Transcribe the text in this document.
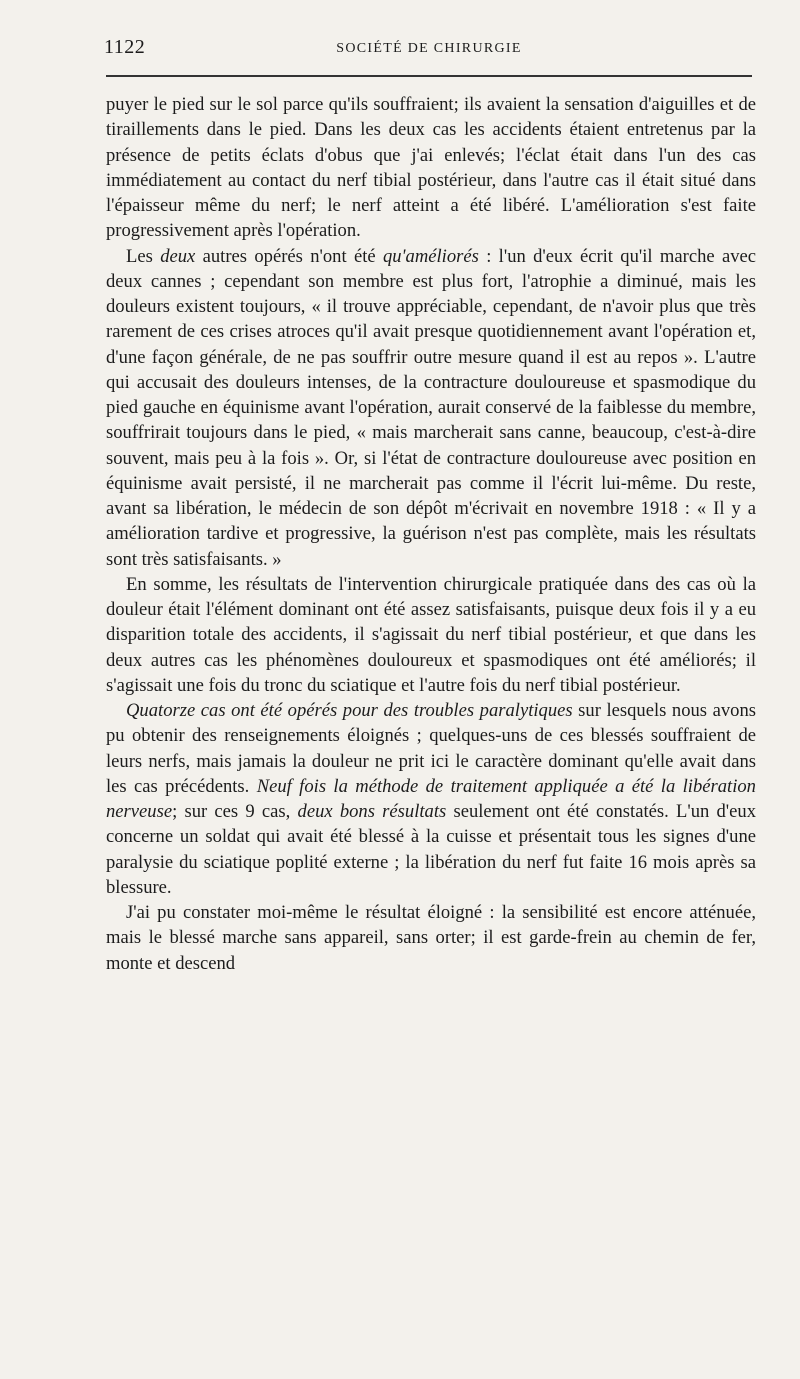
1122	SOCIÉTÉ DE CHIRURGIE

puyer le pied sur le sol parce qu'ils souffraient; ils avaient la sensation d'aiguilles et de tiraillements dans le pied. Dans les deux cas les accidents étaient entretenus par la présence de petits éclats d'obus que j'ai enlevés; l'éclat était dans l'un des cas immédiatement au contact du nerf tibial postérieur, dans l'autre cas il était situé dans l'épaisseur même du nerf; le nerf atteint a été libéré. L'amélioration s'est faite progressivement après l'opération.

Les deux autres opérés n'ont été qu'améliorés : l'un d'eux écrit qu'il marche avec deux cannes ; cependant son membre est plus fort, l'atrophie a diminué, mais les douleurs existent toujours, « il trouve appréciable, cependant, de n'avoir plus que très rarement de ces crises atroces qu'il avait presque quotidiennement avant l'opération et, d'une façon générale, de ne pas souffrir outre mesure quand il est au repos ». L'autre qui accusait des douleurs intenses, de la contracture douloureuse et spasmodique du pied gauche en équinisme avant l'opération, aurait conservé de la faiblesse du membre, souffrirait toujours dans le pied, « mais marcherait sans canne, beaucoup, c'est-à-dire souvent, mais peu à la fois ». Or, si l'état de contracture douloureuse avec position en équinisme avait persisté, il ne marcherait pas comme il l'écrit lui-même. Du reste, avant sa libération, le médecin de son dépôt m'écrivait en novembre 1918 : « Il y a amélioration tardive et progressive, la guérison n'est pas complète, mais les résultats sont très satisfaisants. »

En somme, les résultats de l'intervention chirurgicale pratiquée dans des cas où la douleur était l'élément dominant ont été assez satisfaisants, puisque deux fois il y a eu disparition totale des accidents, il s'agissait du nerf tibial postérieur, et que dans les deux autres cas les phénomènes douloureux et spasmodiques ont été améliorés; il s'agissait une fois du tronc du sciatique et l'autre fois du nerf tibial postérieur.

Quatorze cas ont été opérés pour des troubles paralytiques sur lesquels nous avons pu obtenir des renseignements éloignés ; quelques-uns de ces blessés souffraient de leurs nerfs, mais jamais la douleur ne prit ici le caractère dominant qu'elle avait dans les cas précédents. Neuf fois la méthode de traitement appliquée a été la libération nerveuse; sur ces 9 cas, deux bons résultats seulement ont été constatés. L'un d'eux concerne un soldat qui avait été blessé à la cuisse et présentait tous les signes d'une paralysie du sciatique poplité externe ; la libération du nerf fut faite 16 mois après sa blessure.

J'ai pu constater moi-même le résultat éloigné : la sensibilité est encore atténuée, mais le blessé marche sans appareil, sans orter; il est garde-frein au chemin de fer, monte et descend
